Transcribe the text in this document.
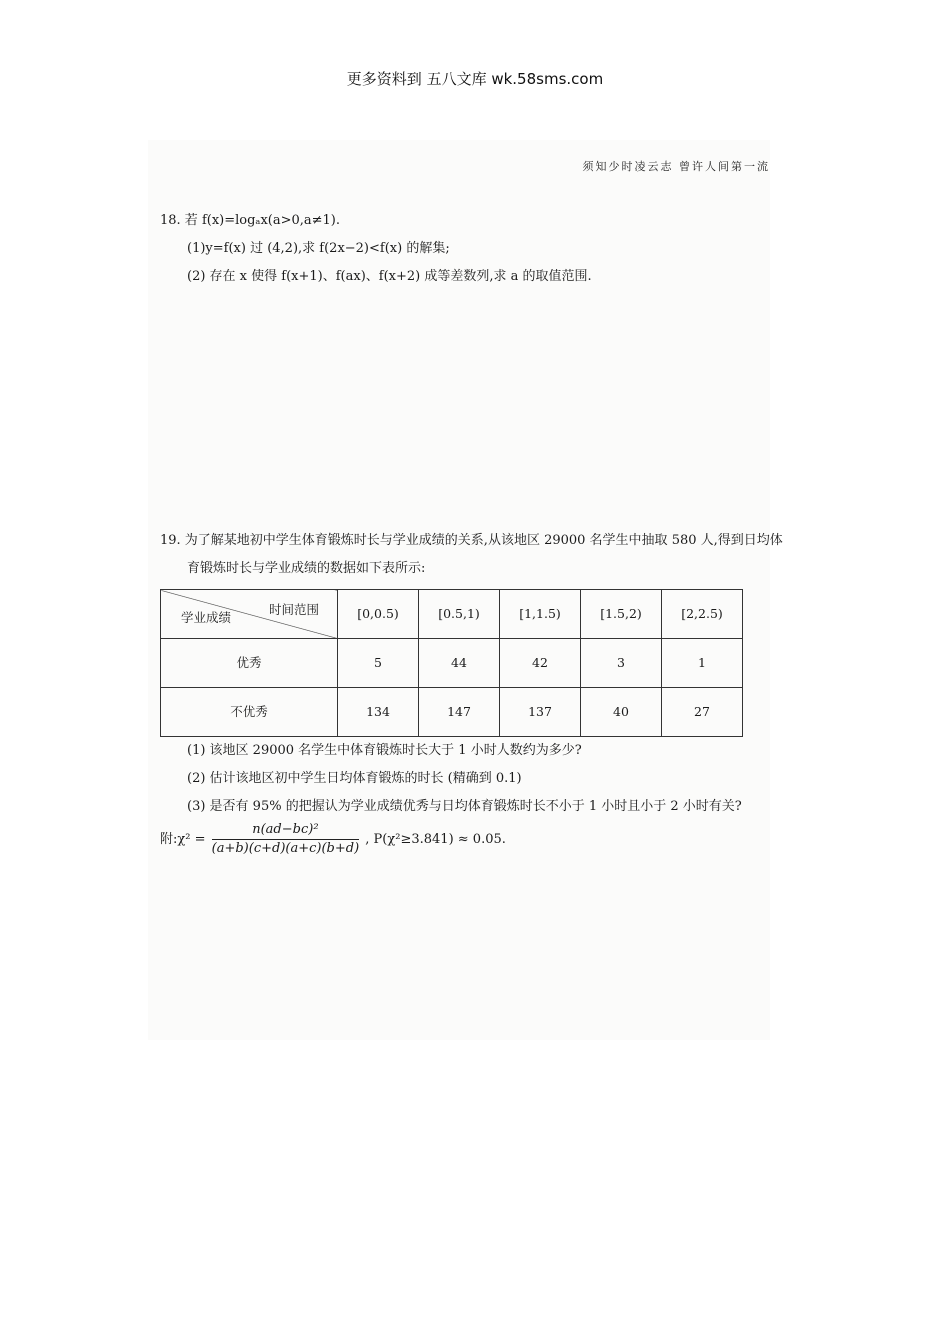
更多资料到 五八文库 wk.58sms.com
须知少时凌云志 曾许人间第一流

18. 若 f(x)=logₐx(a>0,a≠1).

(1)y=f(x) 过 (4,2),求 f(2x−2)<f(x) 的解集;

(2) 存在 x 使得 f(x+1)、f(ax)、f(x+2) 成等差数列,求 a 的取值范围.

19. 为了解某地初中学生体育锻炼时长与学业成绩的关系,从该地区 29000 名学生中抽取 580 人,得到日均体

育锻炼时长与学业成绩的数据如下表所示:

时间范围
学业成绩	[0,0.5)	[0.5,1)	[1,1.5)	[1.5,2)	[2,2.5)
优秀	5	44	42	3	1
不优秀	134	147	137	40	27

(1) 该地区 29000 名学生中体育锻炼时长大于 1 小时人数约为多少?

(2) 估计该地区初中学生日均体育锻炼的时长 (精确到 0.1)

(3) 是否有 95% 的把握认为学业成绩优秀与日均体育锻炼时长不小于 1 小时且小于 2 小时有关?

附:χ² = $\frac{\text{n(ad−bc)²}}{(a+b)(c+d)(a+c)(b+d)}$ , P(χ²≥3.841) ≈ 0.05.
